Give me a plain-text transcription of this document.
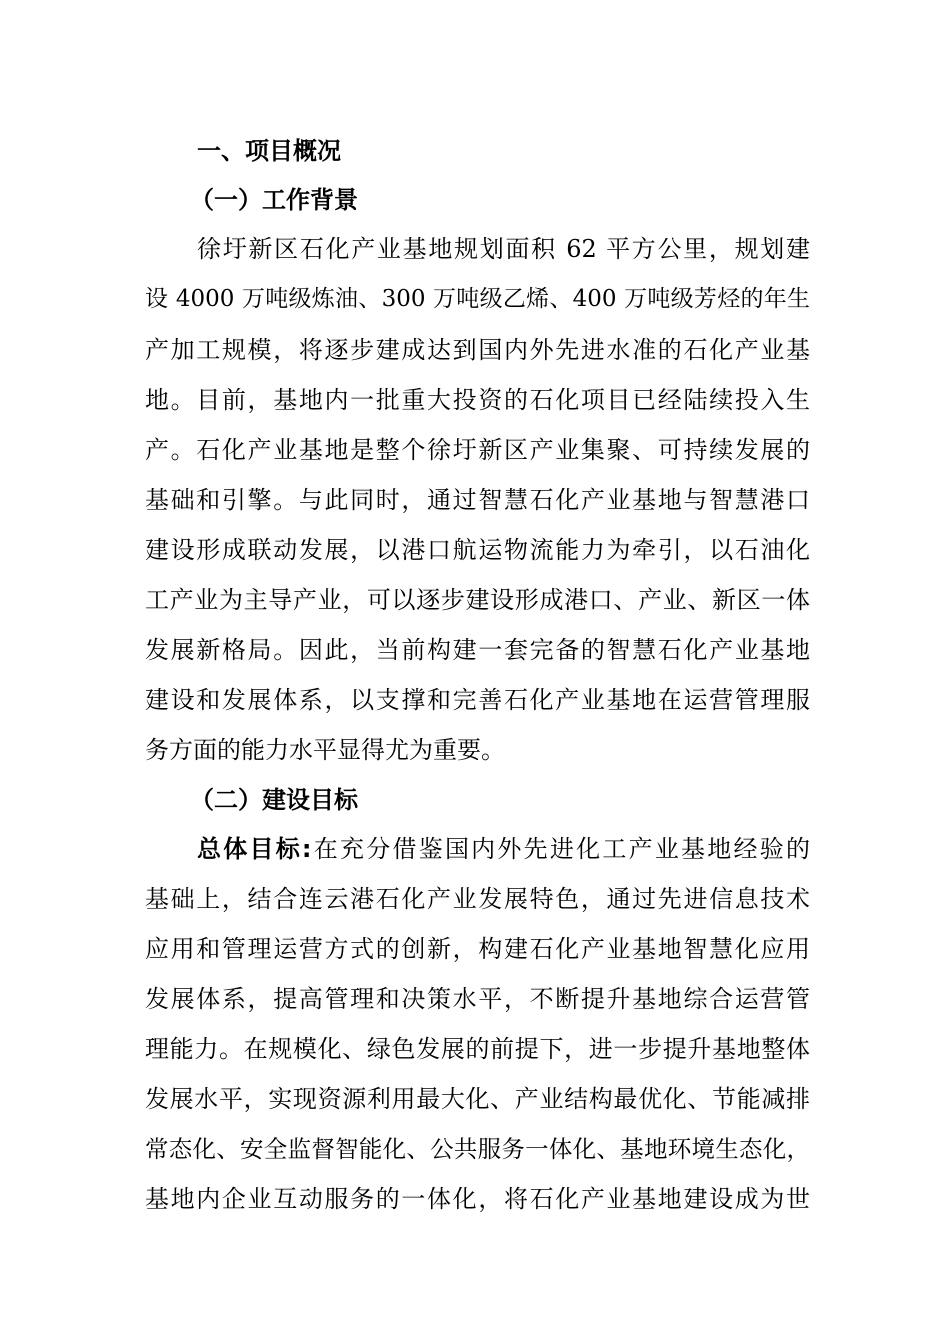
一、项目概况
（一）工作背景
徐圩新区石化产业基地规划面积 62 平方公里，规划建
设 4000 万吨级炼油、300 万吨级乙烯、400 万吨级芳烃的年生
产加工规模，将逐步建成达到国内外先进水准的石化产业基
地。目前，基地内一批重大投资的石化项目已经陆续投入生
产。石化产业基地是整个徐圩新区产业集聚、可持续发展的
基础和引擎。与此同时，通过智慧石化产业基地与智慧港口
建设形成联动发展，以港口航运物流能力为牵引，以石油化
工产业为主导产业，可以逐步建设形成港口、产业、新区一体
发展新格局。因此，当前构建一套完备的智慧石化产业基地
建设和发展体系，以支撑和完善石化产业基地在运营管理服
务方面的能力水平显得尤为重要。
（二）建设目标
总体目标:在充分借鉴国内外先进化工产业基地经验的
基础上，结合连云港石化产业发展特色，通过先进信息技术
应用和管理运营方式的创新，构建石化产业基地智慧化应用
发展体系，提高管理和决策水平，不断提升基地综合运营管
理能力。在规模化、绿色发展的前提下，进一步提升基地整体
发展水平，实现资源利用最大化、产业结构最优化、节能减排
常态化、安全监督智能化、公共服务一体化、基地环境生态化，
基地内企业互动服务的一体化，将石化产业基地建设成为世
